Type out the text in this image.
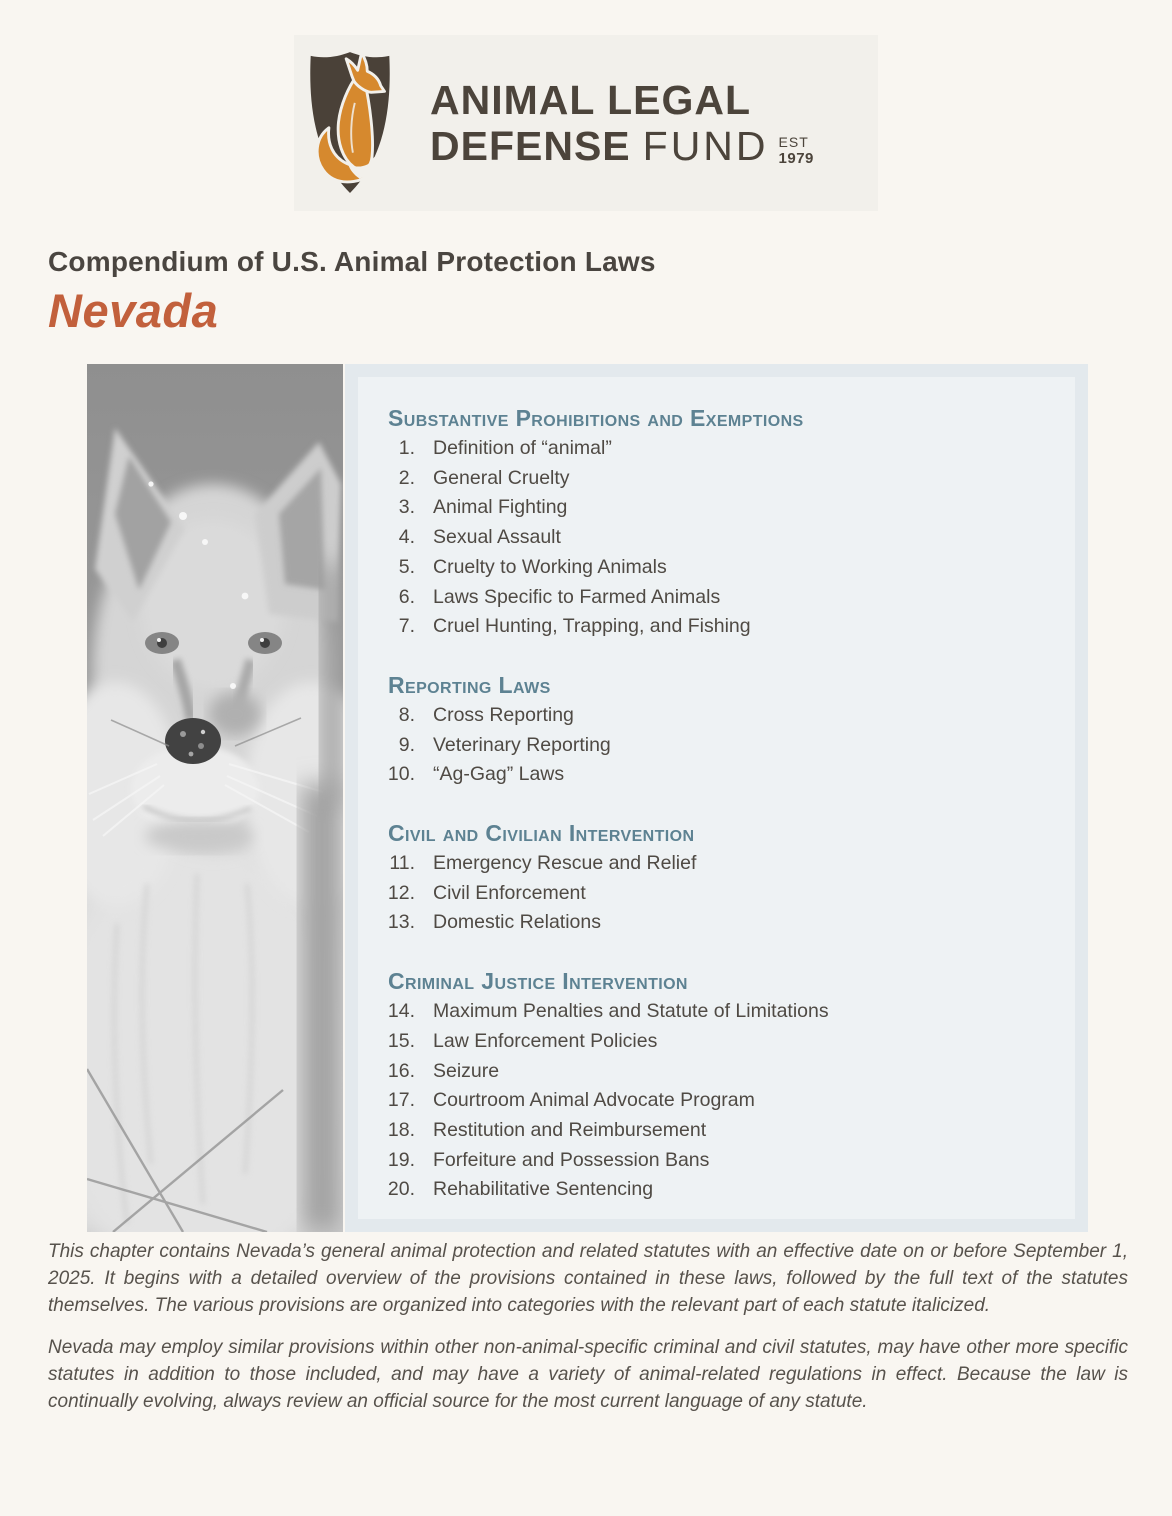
ANIMAL LEGAL
DEFENSE FUND EST
1979
Compendium of U.S. Animal Protection Laws
Nevada
Substantive Prohibitions and Exemptions
1. Definition of “animal”
2. General Cruelty
3. Animal Fighting
4. Sexual Assault
5. Cruelty to Working Animals
6. Laws Specific to Farmed Animals
7. Cruel Hunting, Trapping, and Fishing
Reporting Laws
8. Cross Reporting
9. Veterinary Reporting
10. “Ag-Gag” Laws
Civil and Civilian Intervention
11. Emergency Rescue and Relief
12. Civil Enforcement
13. Domestic Relations
Criminal Justice Intervention
14. Maximum Penalties and Statute of Limitations
15. Law Enforcement Policies
16. Seizure
17. Courtroom Animal Advocate Program
18. Restitution and Reimbursement
19. Forfeiture and Possession Bans
20. Rehabilitative Sentencing

This chapter contains Nevada’s general animal protection and related statutes with an effective date on or before September 1, 2025. It begins with a detailed overview of the provisions contained in these laws, followed by the full text of the statutes themselves. The various provisions are organized into categories with the relevant part of each statute italicized.

Nevada may employ similar provisions within other non-animal-specific criminal and civil statutes, may have other more specific statutes in addition to those included, and may have a variety of animal-related regulations in effect. Because the law is continually evolving, always review an official source for the most current language of any statute.
